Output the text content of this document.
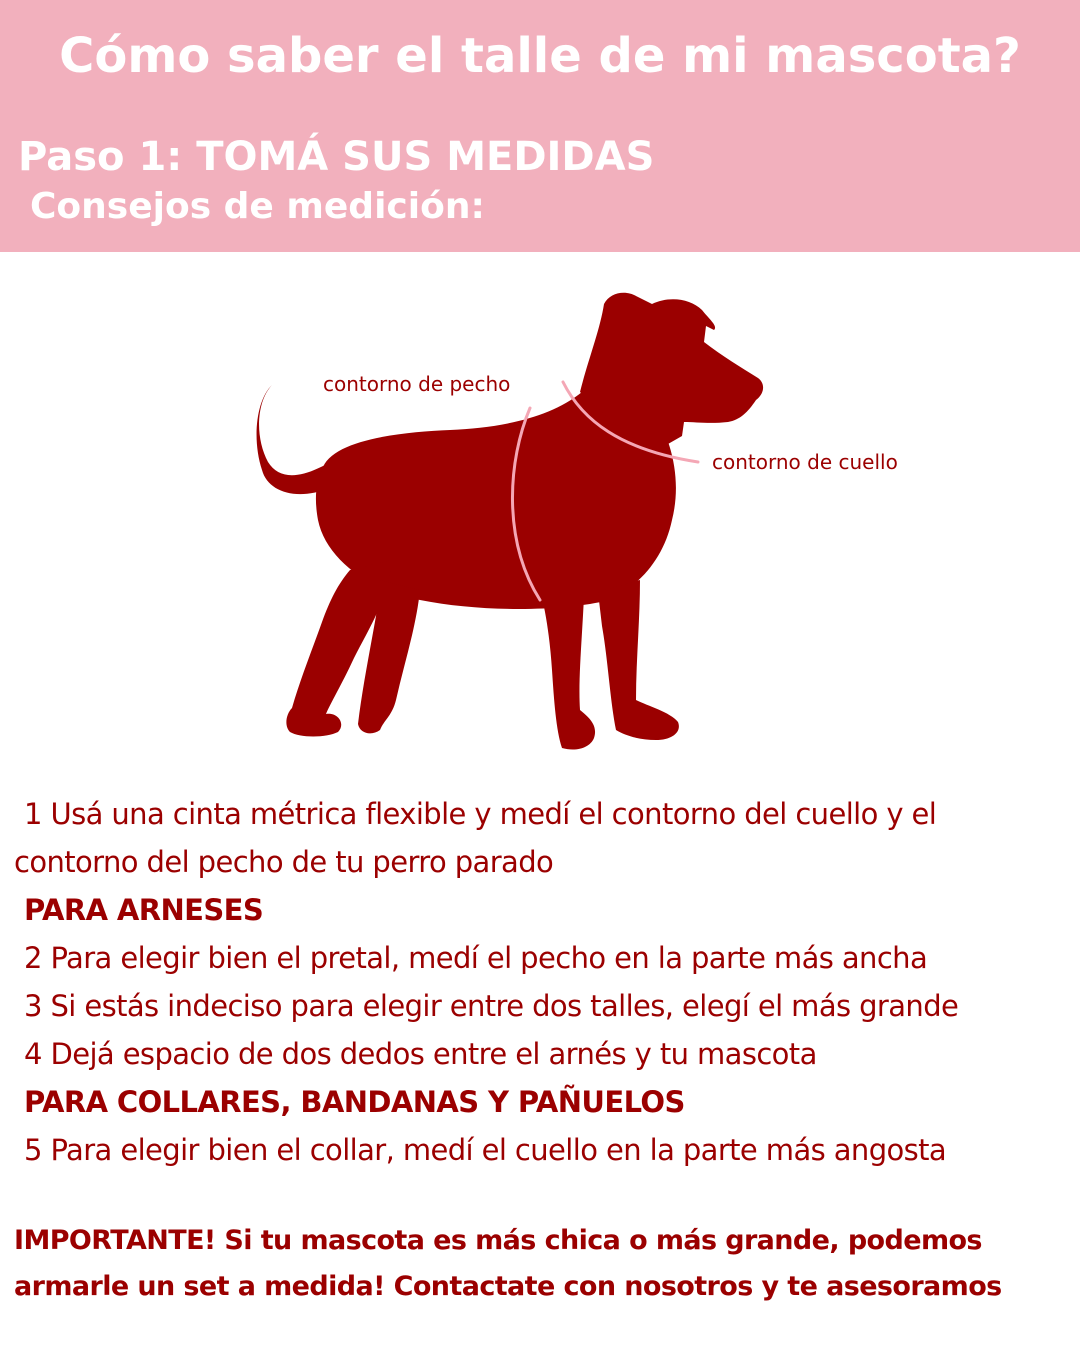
Cómo saber el talle de mi mascota?
Paso 1: TOMÁ SUS MEDIDAS
Consejos de medición:
contorno de pecho
contorno de cuello
1 Usá una cinta métrica flexible y medí el contorno del cuello y el
contorno del pecho de tu perro parado
PARA ARNESES
2 Para elegir bien el pretal, medí el pecho en la parte más ancha
3 Si estás indeciso para elegir entre dos talles, elegí el más grande
4 Dejá espacio de dos dedos entre el arnés y tu mascota
PARA COLLARES, BANDANAS Y PAÑUELOS
5 Para elegir bien el collar, medí el cuello en la parte más angosta
IMPORTANTE! Si tu mascota es más chica o más grande, podemos
armarle un set a medida! Contactate con nosotros y te asesoramos
